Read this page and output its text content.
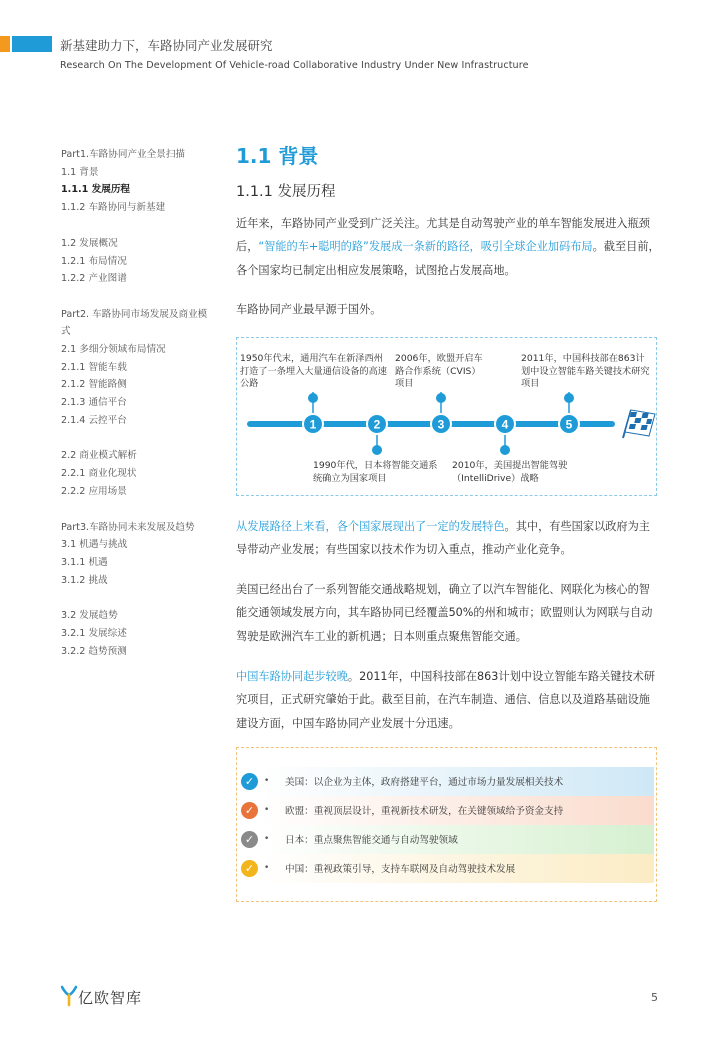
新基建助力下，车路协同产业发展研究
Research On The Development Of Vehicle-road Collaborative Industry Under New Infrastructure
Part1.车路协同产业全景扫描
1.1 背景
1.1.1 发展历程
1.1.2 车路协同与新基建
1.2 发展概况
1.2.1 布局情况
1.2.2 产业图谱
Part2. 车路协同市场发展及商业模式
2.1 多细分领域布局情况
2.1.1 智能车载
2.1.2 智能路侧
2.1.3 通信平台
2.1.4 云控平台
2.2 商业模式解析
2.2.1 商业化现状
2.2.2 应用场景
Part3.车路协同未来发展及趋势
3.1 机遇与挑战
3.1.1 机遇
3.1.2 挑战
3.2 发展趋势
3.2.1 发展综述
3.2.2 趋势预测
1.1 背景
1.1.1 发展历程
近年来，车路协同产业受到广泛关注。尤其是自动驾驶产业的单车智能发展进入瓶颈后，“智能的车+聪明的路”发展成一条新的路径，吸引全球企业加码布局。截至目前，各个国家均已制定出相应发展策略，试图抢占发展高地。
车路协同产业最早源于国外。
1	2	3	4	5
1950年代末，通用汽车在新泽西州打造了一条埋入大量通信设备的高速公路
2006年，欧盟开启车路合作系统（CVIS）项目
2011年，中国科技部在863计划中设立智能车路关键技术研究项目
1990年代，日本将智能交通系统确立为国家项目
2010年，美国提出智能驾驶（IntelliDrive）战略
从发展路径上来看，各个国家展现出了一定的发展特色。其中，有些国家以政府为主导带动产业发展；有些国家以技术作为切入重点，推动产业化竞争。
美国已经出台了一系列智能交通战略规划，确立了以汽车智能化、网联化为核心的智能交通领域发展方向，其车路协同已经覆盖50%的州和城市；欧盟则认为网联与自动驾驶是欧洲汽车工业的新机遇；日本则重点聚焦智能交通。
中国车路协同起步较晚。2011年，中国科技部在863计划中设立智能车路关键技术研究项目，正式研究肇始于此。截至目前，在汽车制造、通信、信息以及道路基础设施建设方面，中国车路协同产业发展十分迅速。
✓	• 美国：以企业为主体，政府搭建平台，通过市场力量发展相关技术
✓	• 欧盟：重视顶层设计，重视新技术研发，在关键领域给予资金支持
✓	• 日本：重点聚焦智能交通与自动驾驶领域
✓	• 中国：重视政策引导，支持车联网及自动驾驶技术发展
亿欧智库	5
